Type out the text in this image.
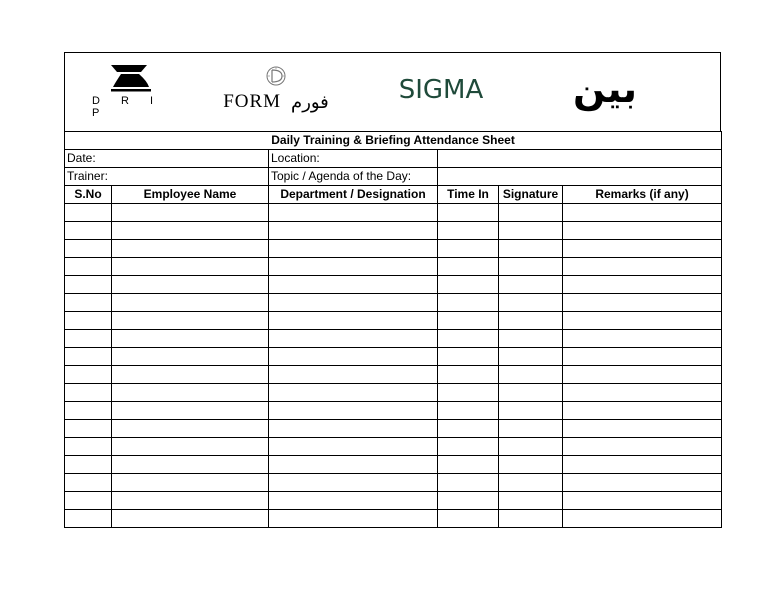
D R I P
FORM فورم	SIGMA بين
Daily Training & Briefing Attendance Sheet					
Date:		Location:			
Trainer:		Topic / Agenda of the Day:			
S.No	Employee Name	Department / Designation	Time In	Signature	Remarks (if any)
